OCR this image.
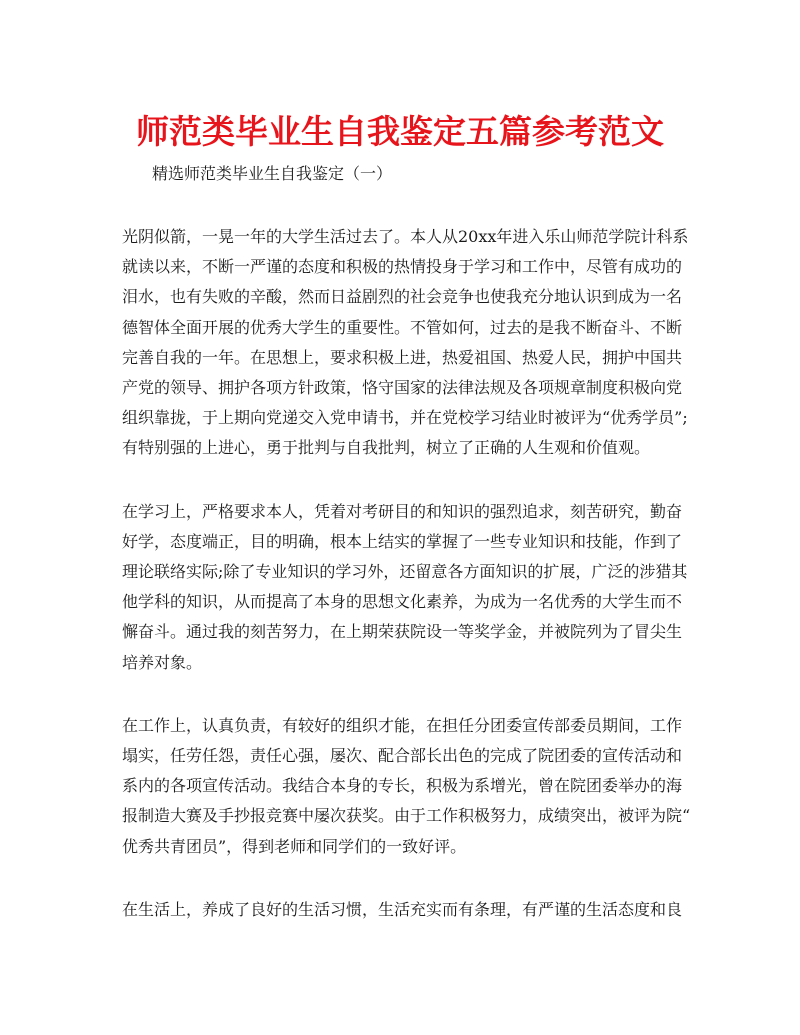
师范类毕业生自我鉴定五篇参考范文

精选师范类毕业生自我鉴定（一）

光阴似箭，一晃一年的大学生活过去了。本人从20xx年进入乐山师范学院计科系
就读以来，不断一严谨的态度和积极的热情投身于学习和工作中，尽管有成功的
泪水，也有失败的辛酸，然而日益剧烈的社会竞争也使我充分地认识到成为一名
德智体全面开展的优秀大学生的重要性。不管如何，过去的是我不断奋斗、不断
完善自我的一年。在思想上，要求积极上进，热爱祖国、热爱人民，拥护中国共
产党的领导、拥护各项方针政策，恪守国家的法律法规及各项规章制度积极向党
组织靠拢，于上期向党递交入党申请书，并在党校学习结业时被评为“优秀学员”;
有特别强的上进心，勇于批判与自我批判，树立了正确的人生观和价值观。

在学习上，严格要求本人，凭着对考研目的和知识的强烈追求，刻苦研究，勤奋
好学，态度端正，目的明确，根本上结实的掌握了一些专业知识和技能，作到了
理论联络实际;除了专业知识的学习外，还留意各方面知识的扩展，广泛的涉猎其
他学科的知识，从而提高了本身的思想文化素养，为成为一名优秀的大学生而不
懈奋斗。通过我的刻苦努力，在上期荣获院设一等奖学金，并被院列为了冒尖生
培养对象。

在工作上，认真负责，有较好的组织才能，在担任分团委宣传部委员期间，工作
塌实，任劳任怨，责任心强，屡次、配合部长出色的完成了院团委的宣传活动和
系内的各项宣传活动。我结合本身的专长，积极为系增光，曾在院团委举办的海
报制造大赛及手抄报竞赛中屡次获奖。由于工作积极努力，成绩突出，被评为院“
优秀共青团员”，得到老师和同学们的一致好评。

在生活上，养成了良好的生活习惯，生活充实而有条理，有严谨的生活态度和良
